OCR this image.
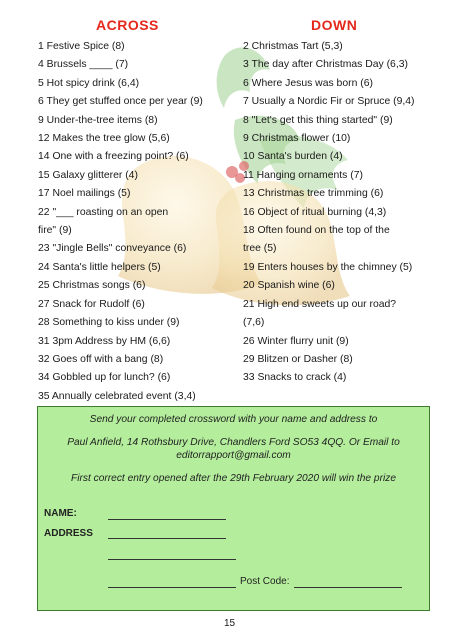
ACROSS
1 Festive Spice (8)
4 Brussels ____ (7)
5 Hot spicy drink (6,4)
6 They get stuffed once per year (9)
9 Under-the-tree items (8)
12 Makes the tree glow (5,6)
14 One with a freezing point? (6)
15 Galaxy glitterer (4)
17 Noel mailings (5)
22 "___ roasting on an open
fire" (9)
23 "Jingle Bells" conveyance (6)
24 Santa's little helpers (5)
25 Christmas songs (6)
27 Snack for Rudolf (6)
28 Something to kiss under (9)
31 3pm Address by HM (6,6)
32 Goes off with a bang (8)
34 Gobbled up for lunch? (6)
35 Annually celebrated event (3,4)
DOWN
2 Christmas Tart (5,3)
3 The day after Christmas Day (6,3)
6 Where Jesus was born (6)
7 Usually a Nordic Fir or Spruce (9,4)
8 "Let's get this thing started" (9)
9 Christmas flower (10)
10 Santa's burden (4)
11 Hanging ornaments (7)
13 Christmas tree trimming (6)
16 Object of ritual burning (4,3)
18 Often found on the top of the
tree (5)
19 Enters houses by the chimney (5)
20 Spanish wine (6)
21 High end sweets up our road?
(7,6)
26 Winter flurry unit (9)
29 Blitzen or Dasher (8)
33 Snacks to crack (4)
Send your completed crossword with your name and address to
Paul Anfield, 14 Rothsbury Drive, Chandlers Ford SO53 4QQ. Or Email to
editorrapport@gmail.com
First correct entry opened after the 29th February 2020 will win the prize
NAME:
ADDRESS
Post Code:
15
